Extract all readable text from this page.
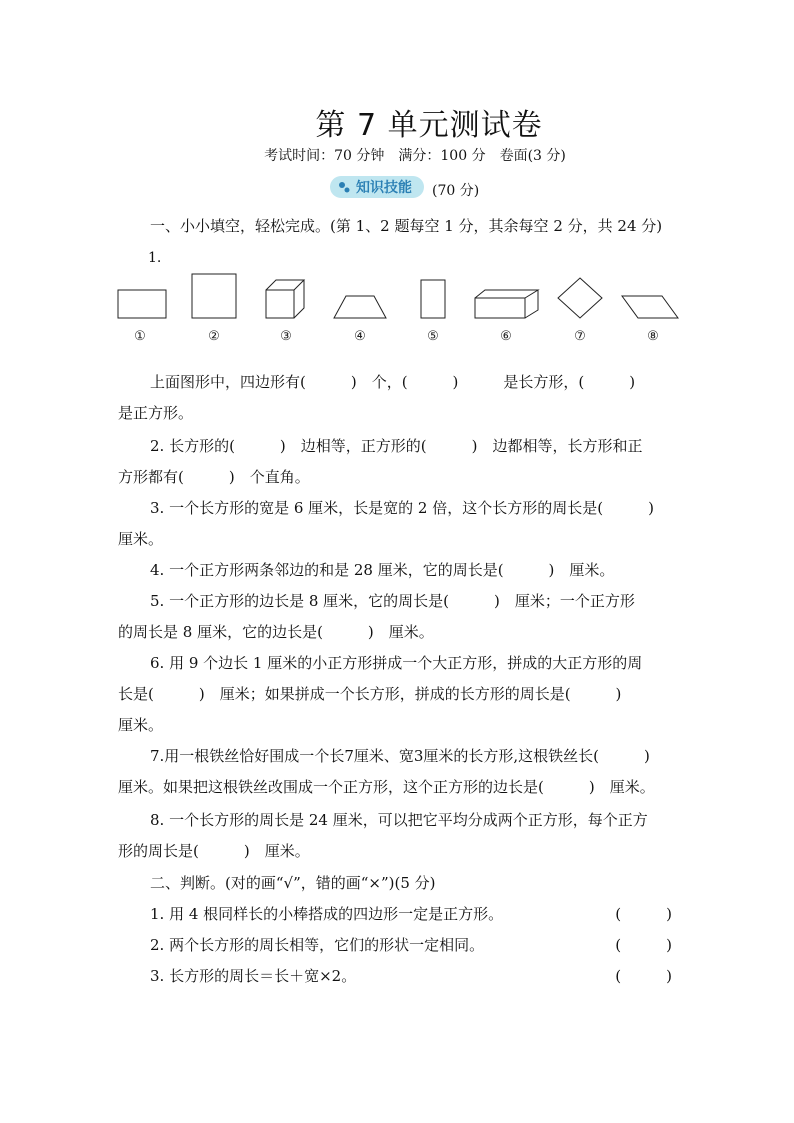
第 7 单元测试卷
考试时间：70 分钟　满分：100 分　卷面(3 分)
知识技能 (70 分)
一、小小填空，轻松完成。(第 1、2 题每空 1 分，其余每空 2 分，共 24 分)
1.
①	②	③	④	⑤	⑥	⑦	⑧
上面图形中，四边形有(　　　)　个，(　　　)　　　是长方形，(　　　)
是正方形。
2. 长方形的(　　　)　边相等，正方形的(　　　)　边都相等，长方形和正
方形都有(　　　)　个直角。
3. 一个长方形的宽是 6 厘米，长是宽的 2 倍，这个长方形的周长是(　　　)
厘米。
4. 一个正方形两条邻边的和是 28 厘米，它的周长是(　　　)　厘米。
5. 一个正方形的边长是 8 厘米，它的周长是(　　　)　厘米；一个正方形
的周长是 8 厘米，它的边长是(　　　)　厘米。
6. 用 9 个边长 1 厘米的小正方形拼成一个大正方形，拼成的大正方形的周
长是(　　　)　厘米；如果拼成一个长方形，拼成的长方形的周长是(　　　)
厘米。
7.用一根铁丝恰好围成一个长7厘米、宽3厘米的长方形,这根铁丝长(　　　)
厘米。如果把这根铁丝改围成一个正方形，这个正方形的边长是(　　　)　厘米。
8. 一个长方形的周长是 24 厘米，可以把它平均分成两个正方形，每个正方
形的周长是(　　　)　厘米。
二、判断。(对的画“√”，错的画“×”)(5 分)
1. 用 4 根同样长的小棒搭成的四边形一定是正方形。	(　　　)
2. 两个长方形的周长相等，它们的形状一定相同。	(　　　)
3. 长方形的周长＝长＋宽×2。	(　　　)
